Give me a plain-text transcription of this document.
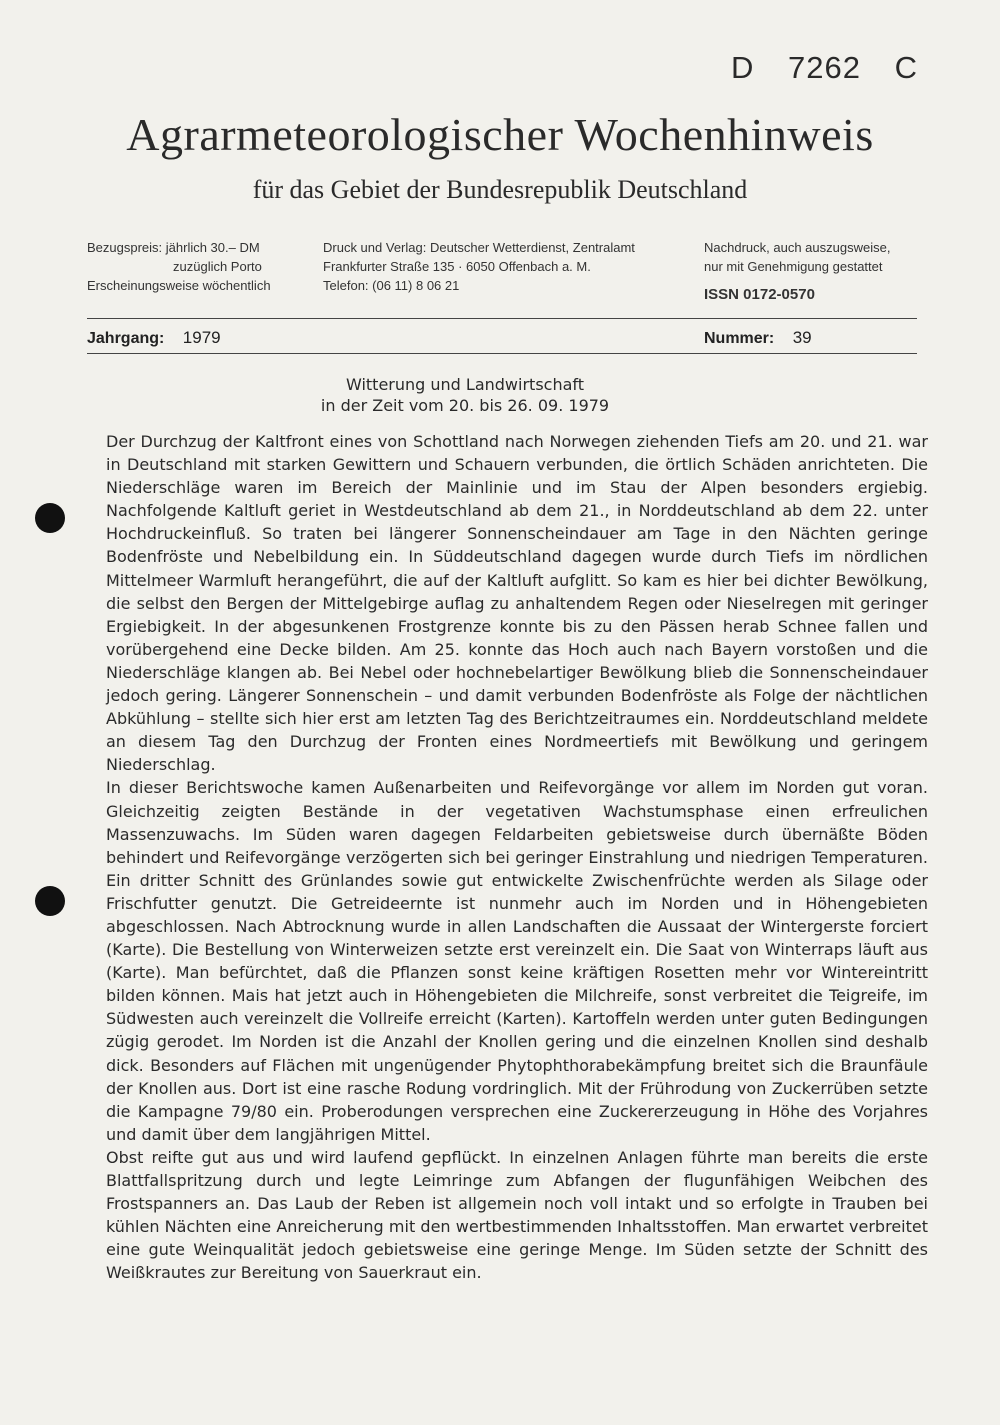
D 7262 C
Agrarmeteorologischer Wochenhinweis
für das Gebiet der Bundesrepublik Deutschland
Bezugspreis: jährlich 30.– DM
zuzüglich Porto
Erscheinungsweise wöchentlich
Druck und Verlag: Deutscher Wetterdienst, Zentralamt
Frankfurter Straße 135 · 6050 Offenbach a. M.
Telefon: (06 11) 8 06 21
Nachdruck, auch auszugsweise,
nur mit Genehmigung gestattet
ISSN 0172-0570
Jahrgang: 1979	Nummer: 39
Witterung und Landwirtschaft
in der Zeit vom 20. bis 26. 09. 1979

Der Durchzug der Kaltfront eines von Schottland nach Norwegen ziehenden Tiefs am 20. und 21. war in Deutschland mit starken Gewittern und Schauern verbunden, die örtlich Schäden anrichteten. Die Niederschläge waren im Bereich der Mainlinie und im Stau der Alpen besonders ergiebig. Nachfolgende Kaltluft geriet in Westdeutschland ab dem 21., in Norddeutschland ab dem 22. unter Hochdruckeinfluß. So traten bei längerer Sonnenscheindauer am Tage in den Nächten geringe Bodenfröste und Nebelbildung ein. In Süddeutschland dagegen wurde durch Tiefs im nördlichen Mittelmeer Warmluft herangeführt, die auf der Kaltluft aufglitt. So kam es hier bei dichter Bewölkung, die selbst den Bergen der Mittelgebirge auflag zu anhaltendem Regen oder Nieselregen mit geringer Ergiebigkeit. In der abgesunkenen Frostgrenze konnte bis zu den Pässen herab Schnee fallen und vorübergehend eine Decke bilden. Am 25. konnte das Hoch auch nach Bayern vorstoßen und die Niederschläge klangen ab. Bei Nebel oder hochnebelartiger Bewölkung blieb die Sonnenscheindauer jedoch gering. Längerer Sonnenschein – und damit verbunden Bodenfröste als Folge der nächtlichen Abkühlung – stellte sich hier erst am letzten Tag des Berichtzeitraumes ein. Norddeutschland meldete an diesem Tag den Durchzug der Fronten eines Nordmeertiefs mit Bewölkung und geringem Niederschlag.

In dieser Berichtswoche kamen Außenarbeiten und Reifevorgänge vor allem im Norden gut voran. Gleichzeitig zeigten Bestände in der vegetativen Wachstumsphase einen erfreulichen Massenzuwachs. Im Süden waren dagegen Feldarbeiten gebietsweise durch übernäßte Böden behindert und Reifevorgänge verzögerten sich bei geringer Einstrahlung und niedrigen Temperaturen. Ein dritter Schnitt des Grünlandes sowie gut entwickelte Zwischenfrüchte werden als Silage oder Frischfutter genutzt. Die Getreideernte ist nunmehr auch im Norden und in Höhengebieten abgeschlossen. Nach Abtrocknung wurde in allen Landschaften die Aussaat der Wintergerste forciert (Karte). Die Bestellung von Winterweizen setzte erst vereinzelt ein. Die Saat von Winterraps läuft aus (Karte). Man befürchtet, daß die Pflanzen sonst keine kräftigen Rosetten mehr vor Wintereintritt bilden können. Mais hat jetzt auch in Höhengebieten die Milchreife, sonst verbreitet die Teigreife, im Südwesten auch vereinzelt die Vollreife erreicht (Karten). Kartoffeln werden unter guten Bedingungen zügig gerodet. Im Norden ist die Anzahl der Knollen gering und die einzelnen Knollen sind deshalb dick. Besonders auf Flächen mit ungenügender Phytophthorabekämpfung breitet sich die Braunfäule der Knollen aus. Dort ist eine rasche Rodung vordringlich. Mit der Frührodung von Zuckerrüben setzte die Kampagne 79/80 ein. Proberodungen versprechen eine Zuckererzeugung in Höhe des Vorjahres und damit über dem langjährigen Mittel.

Obst reifte gut aus und wird laufend gepflückt. In einzelnen Anlagen führte man bereits die erste Blattfallspritzung durch und legte Leimringe zum Abfangen der flugunfähigen Weibchen des Frostspanners an. Das Laub der Reben ist allgemein noch voll intakt und so erfolgte in Trauben bei kühlen Nächten eine Anreicherung mit den wertbestimmenden Inhaltsstoffen. Man erwartet verbreitet eine gute Weinqualität jedoch gebietsweise eine geringe Menge. Im Süden setzte der Schnitt des Weißkrautes zur Bereitung von Sauerkraut ein.
